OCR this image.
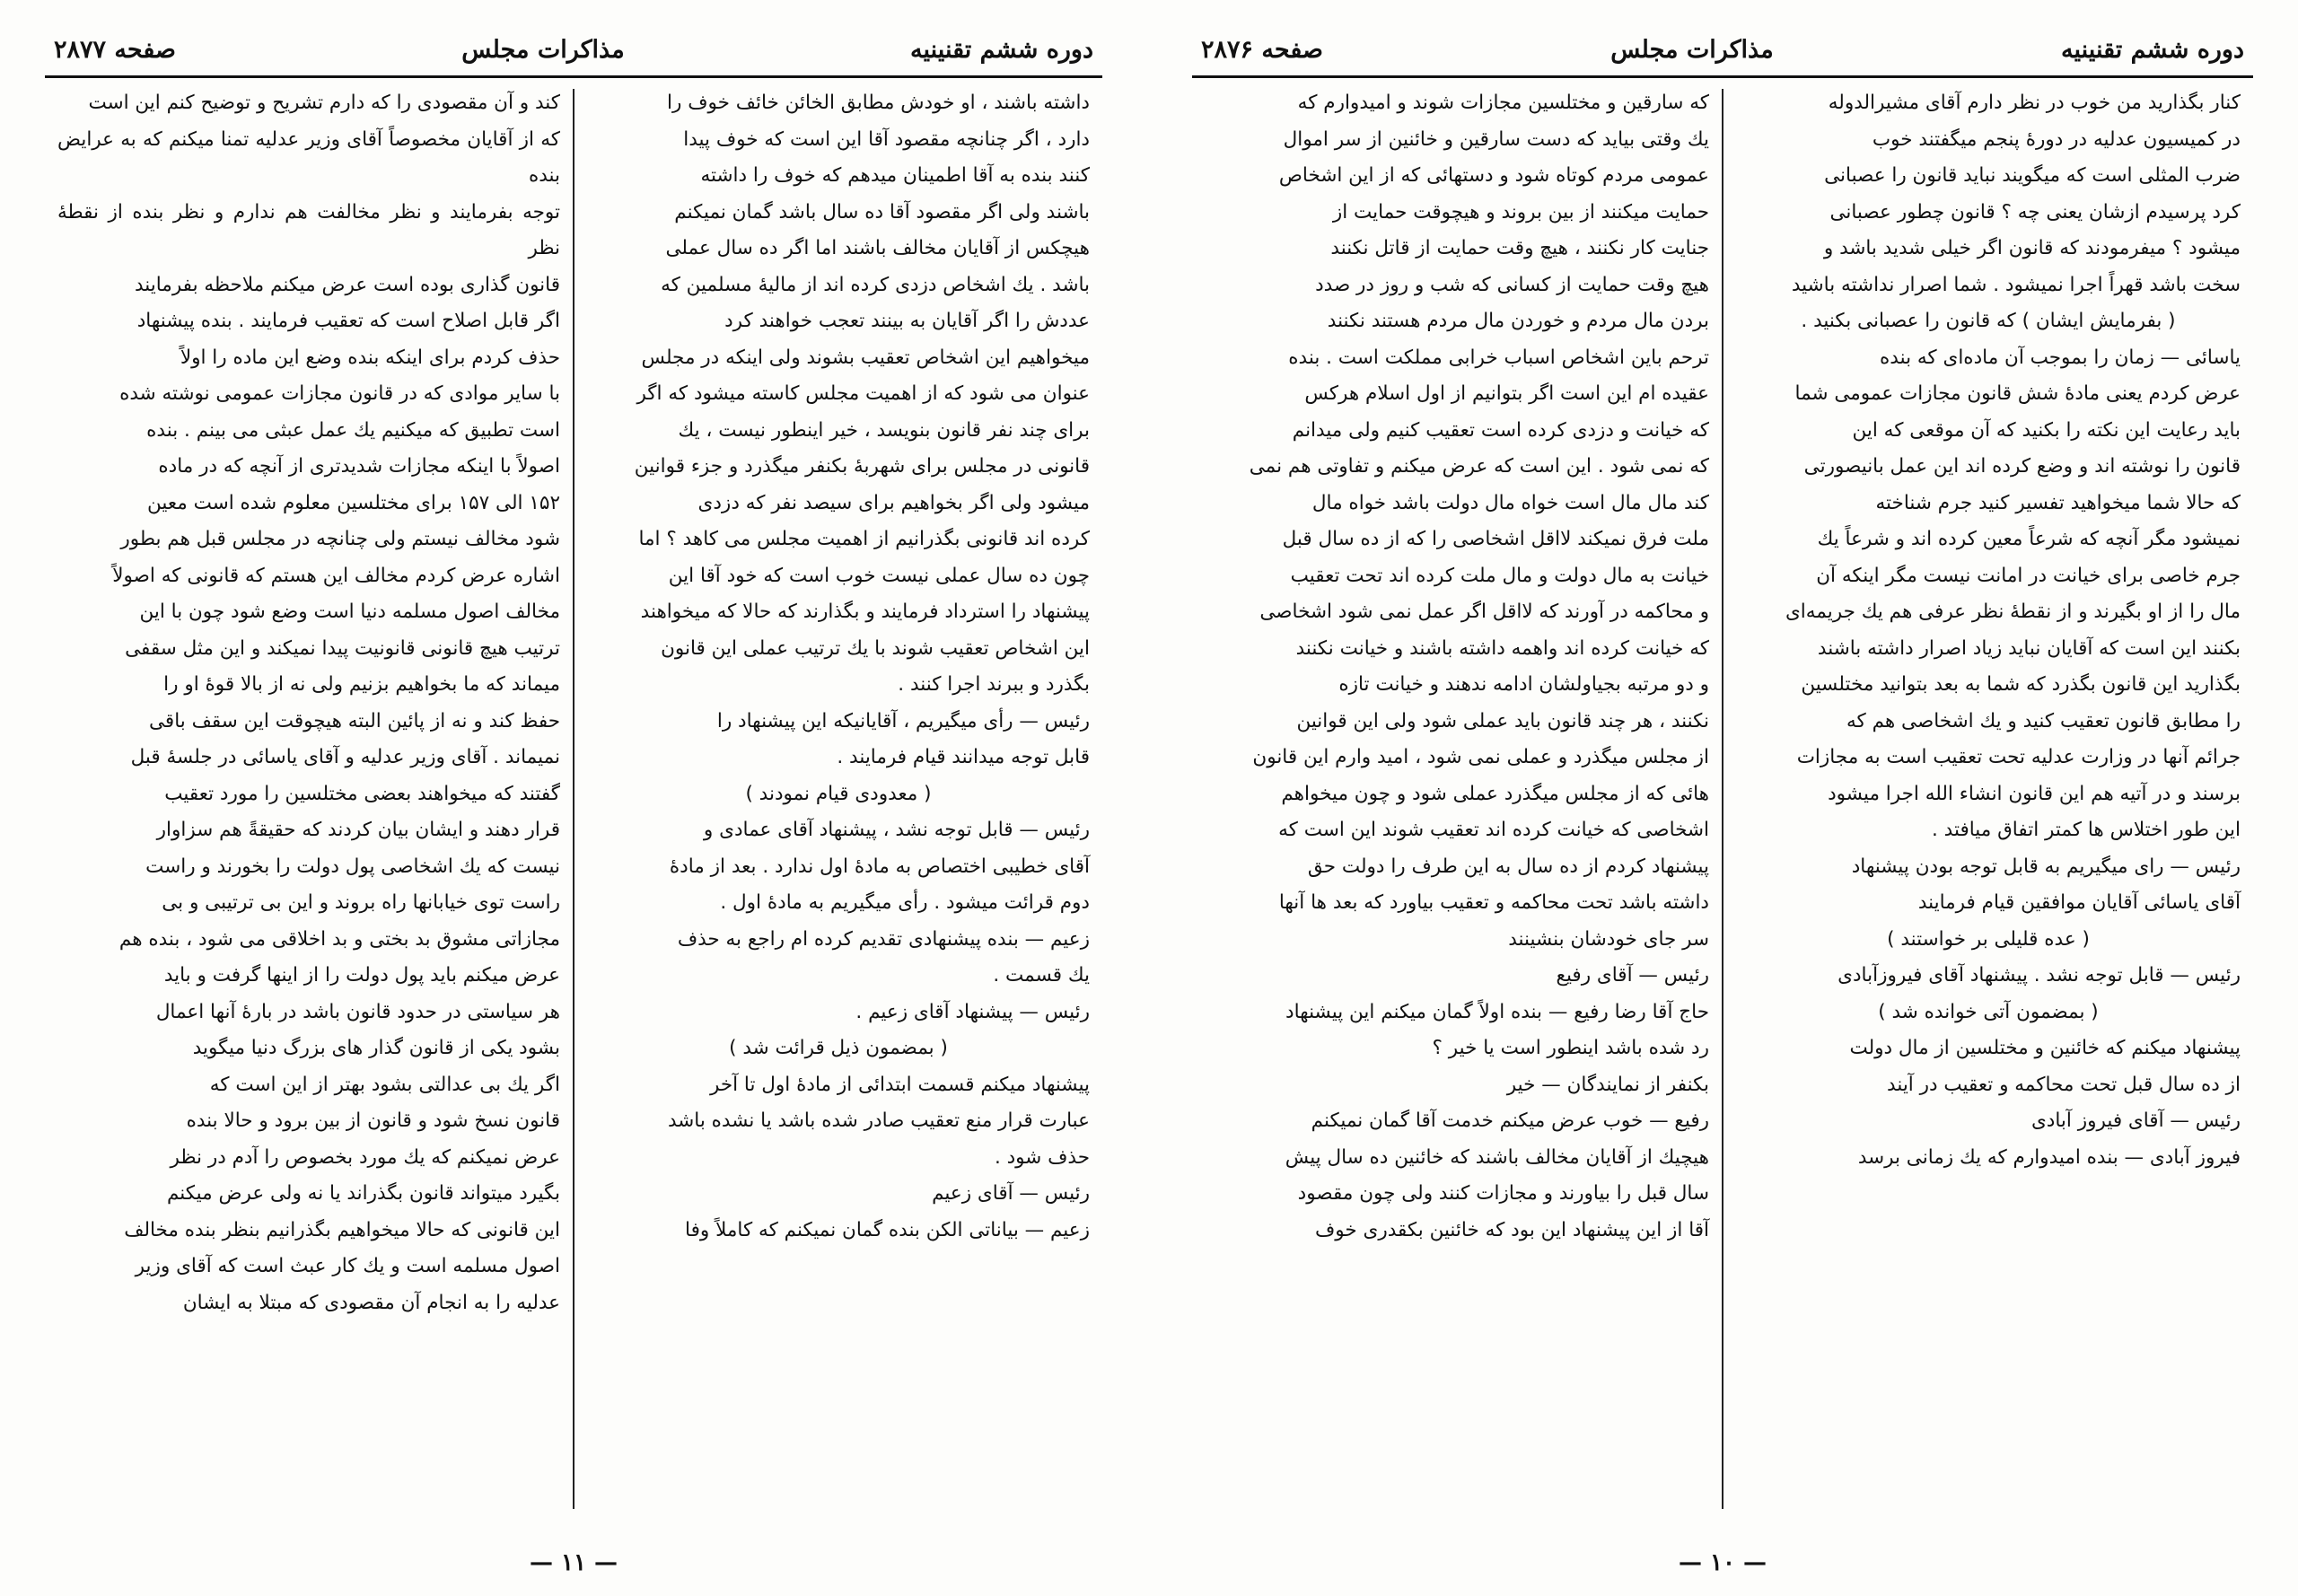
دوره ششم تقنینیه
مذاکرات مجلس
صفحه ۲۸۷۷

داشته باشند ، او خودش مطابق الخائن خائف خوف را

دارد ، اگر چنانچه مقصود آقا این است که خوف پیدا

کنند بنده به آقا اطمینان میدهم که خوف را داشته

باشند ولی اگر مقصود آقا ده سال باشد گمان نمیکنم

هیچکس از آقایان مخالف باشند اما اگر ده سال عملی

باشد . یك اشخاص دزدی کرده اند از مالیهٔ مسلمین که

عددش را اگر آقایان به بینند تعجب خواهند کرد

میخواهیم این اشخاص تعقیب بشوند ولی اینکه در مجلس

عنوان می شود که از اهمیت مجلس کاسته میشود که اگر

برای چند نفر قانون بنویسد ، خیر اینطور نیست ، یك

قانونی در مجلس برای شهربهٔ بکنفر میگذرد و جزء قوانین

میشود ولی اگر بخواهیم برای سیصد نفر که دزدی

کرده اند قانونی بگذرانیم از اهمیت مجلس می کاهد ؟ اما

چون ده سال عملی نیست خوب است که خود آقا این

پیشنهاد را استرداد فرمایند و بگذارند که حالا که میخواهند

این اشخاص تعقیب شوند با یك ترتیب عملی این قانون

بگذرد و ببرند اجرا کنند .

رئیس — رأی میگیریم ، آقایانیکه این پیشنهاد را

قابل توجه میدانند قیام فرمایند .

( معدودی قیام نمودند )

رئیس — قابل توجه نشد ، پیشنهاد آقای عمادی و

آقای خطیبی اختصاص به مادهٔ اول ندارد . بعد از مادهٔ

دوم قرائت میشود . رأی میگیریم به مادهٔ اول .

زعیم — بنده پیشنهادی تقدیم کرده ام راجع به حذف

یك قسمت .

رئیس — پیشنهاد آقای زعیم .

( بمضمون ذیل قرائت شد )

پیشنهاد میکنم قسمت ابتدائی از مادهٔ اول تا آخر

عبارت قرار منع تعقیب صادر شده باشد یا نشده باشد

حذف شود .

رئیس — آقای زعیم

زعیم — بیاناتی الکن بنده گمان نمیکنم که کاملاً وفا

کند و آن مقصودی را که دارم تشریح و توضیح کنم این است

که از آقایان مخصوصاً آقای وزیر عدلیه تمنا میکنم که به عرایض بنده

توجه بفرمایند و نظر مخالفت هم ندارم و نظر بنده از نقطهٔ نظر

قانون گذاری بوده است عرض میکنم ملاحظه بفرمایند

اگر قابل اصلاح است که تعقیب فرمایند . بنده پیشنهاد

حذف کردم برای اینکه بنده وضع این ماده را اولاً

با سایر موادی که در قانون مجازات عمومی نوشته شده

است تطبیق که میکنیم یك عمل عبثی می بینم . بنده

اصولاً با اینکه مجازات شدیدتری از آنچه که در ماده

۱۵۲ الی ۱۵۷ برای مختلسین معلوم شده است معین

شود مخالف نیستم ولی چنانچه در مجلس قبل هم بطور

اشاره عرض کردم مخالف این هستم که قانونی که اصولاً

مخالف اصول مسلمه دنیا است وضع شود چون با این

ترتیب هیچ قانونی قانونیت پیدا نمیکند و این مثل سقفی

میماند که ما بخواهیم بزنیم ولی نه از بالا قوهٔ او را

حفظ کند و نه از پائین البته هیچوقت این سقف باقی

نمیماند . آقای وزیر عدلیه و آقای یاسائی در جلسهٔ قبل

گفتند که میخواهند بعضی مختلسین را مورد تعقیب

قرار دهند و ایشان بیان کردند که حقیقةً هم سزاوار

نیست که یك اشخاصی پول دولت را بخورند و راست

راست توی خیابانها راه بروند و این بی ترتیبی و بی

مجازاتی مشوق بد بختی و بد اخلاقی می شود ، بنده هم

عرض میکنم باید پول دولت را از اینها گرفت و باید

هر سیاستی در حدود قانون باشد در بارهٔ آنها اعمال

بشود یکی از قانون گذار های بزرگ دنیا میگوید

اگر یك بی عدالتی بشود بهتر از این است که

قانون نسخ شود و قانون از بین برود و حالا بنده

عرض نمیکنم که یك مورد بخصوص را آدم در نظر

بگیرد میتواند قانون بگذراند یا نه ولی عرض میکنم

این قانونی که حالا میخواهیم بگذرانیم بنظر بنده مخالف

اصول مسلمه است و یك کار عبث است که آقای وزیر

عدلیه را به انجام آن مقصودی که مبتلا به ایشان

— ۱۱ —
دوره ششم تقنینیه
مذاکرات مجلس
صفحه ۲۸۷۶

کنار بگذارید من خوب در نظر دارم آقای مشیرالدوله

در کمیسیون عدلیه در دورهٔ پنجم میگفتند خوب

ضرب المثلی است که میگویند نباید قانون را عصبانی

کرد پرسیدم ازشان یعنی چه ؟ قانون چطور عصبانی

میشود ؟ میفرمودند که قانون اگر خیلی شدید باشد و

سخت باشد قهراً اجرا نمیشود . شما اصرار نداشته باشید

( بفرمایش ایشان ) که قانون را عصبانی بکنید .

یاسائی — زمان را بموجب آن ماده‌ای که بنده

عرض کردم یعنی مادهٔ شش قانون مجازات عمومی شما

باید رعایت این نکته را بکنید که آن موقعی که این

قانون را نوشته اند و وضع کرده اند این عمل بانیصورتی

که حالا شما میخواهید تفسیر کنید جرم شناخته

نمیشود مگر آنچه که شرعاً معین کرده اند و شرعاً یك

جرم خاصی برای خیانت در امانت نیست مگر اینکه آن

مال را از او بگیرند و از نقطهٔ نظر عرفی هم یك جریمه‌ای

بکنند این است که آقایان نباید زیاد اصرار داشته باشند

بگذارید این قانون بگذرد که شما به بعد بتوانید مختلسین

را مطابق قانون تعقیب کنید و یك اشخاصی هم که

جرائم آنها در وزارت عدلیه تحت تعقیب است به مجازات

برسند و در آتیه هم این قانون انشاء الله اجرا میشود

این طور اختلاس ها کمتر اتفاق میافتد .

رئیس — رای میگیریم به قابل توجه بودن پیشنهاد

آقای یاسائی آقایان موافقین قیام فرمایند

( عده قلیلی بر خواستند )

رئیس — قابل توجه نشد . پیشنهاد آقای فیروزآبادی

( بمضمون آتی خوانده شد )

پیشنهاد میکنم که خائنین و مختلسین از مال دولت

از ده سال قبل تحت محاکمه و تعقیب در آیند

رئیس — آقای فیروز آبادی

فیروز آبادی — بنده امیدوارم که یك زمانی برسد

که سارقین و مختلسین مجازات شوند و امیدوارم که

یك وقتی بیاید که دست سارقین و خائنین از سر اموال

عمومی مردم کوتاه شود و دستهائی که از این اشخاص

حمایت میکنند از بین بروند و هیچوقت حمایت از

جنایت کار نکنند ، هیچ وقت حمایت از قاتل نکنند

هیچ وقت حمایت از کسانی که شب و روز در صدد

بردن مال مردم و خوردن مال مردم هستند نکنند

ترحم باین اشخاص اسباب خرابی مملکت است . بنده

عقیده ام این است اگر بتوانیم از اول اسلام هرکس

که خیانت و دزدی کرده است تعقیب کنیم ولی میدانم

که نمی شود . این است که عرض میکنم و تفاوتی هم نمی

کند مال مال است خواه مال دولت باشد خواه مال

ملت فرق نمیکند لااقل اشخاصی را که از ده سال قبل

خیانت به مال دولت و مال ملت کرده اند تحت تعقیب

و محاکمه در آورند که لااقل اگر عمل نمی شود اشخاصی

که خیانت کرده اند واهمه داشته باشند و خیانت نکنند

و دو مرتبه بجیاولشان ادامه ندهند و خیانت تازه

نکنند ، هر چند قانون باید عملی شود ولی این قوانین

از مجلس میگذرد و عملی نمی شود ، امید وارم این قانون

هائی که از مجلس میگذرد عملی شود و چون میخواهم

اشخاصی که خیانت کرده اند تعقیب شوند این است که

پیشنهاد کردم از ده سال به این طرف را دولت حق

داشته باشد تحت محاکمه و تعقیب بیاورد که بعد ها آنها

سر جای خودشان بنشینند

رئیس — آقای رفیع

حاج آقا رضا رفیع — بنده اولاً گمان میکنم این پیشنهاد

رد شده باشد اینطور است یا خیر ؟

بکنفر از نمایندگان — خیر

رفیع — خوب عرض میکنم خدمت آقا گمان نمیکنم

هیچیك از آقایان مخالف باشند که خائنین ده سال پیش

سال قبل را بیاورند و مجازات کنند ولی چون مقصود

آقا از این پیشنهاد این بود که خائنین بکقدری خوف

— ۱۰ —
